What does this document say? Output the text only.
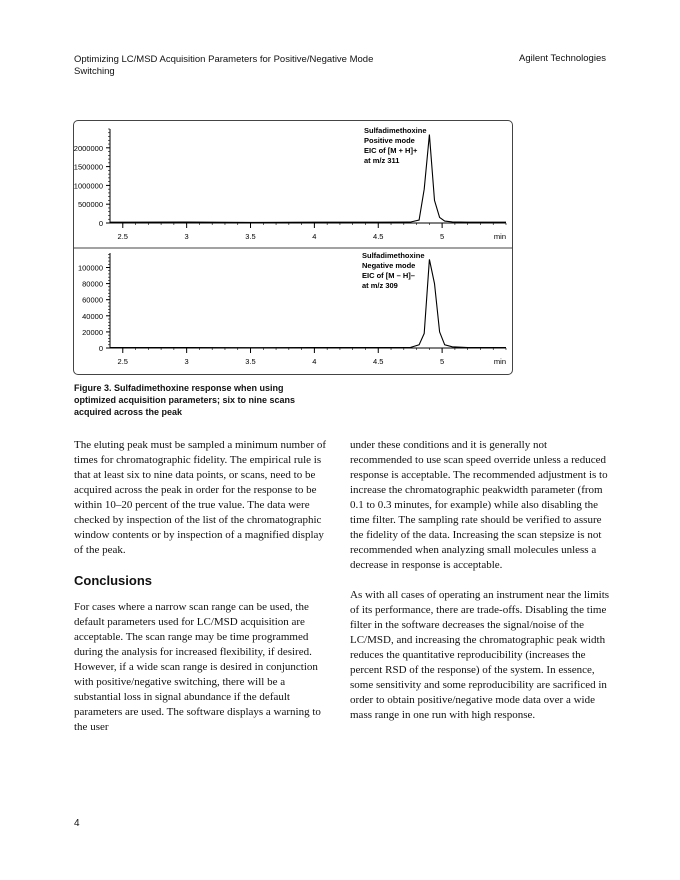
Optimizing LC/MSD Acquisition Parameters for Positive/Negative Mode Switching
Agilent Technologies
0
500000
1000000
1500000
2000000
2.5	3	3.5	4	4.5	5	min
Sulfadimethoxine
Positive mode
EIC of [M + H]+
at m/z 311
0
20000
40000
60000
80000
100000
2.5	3	3.5	4	4.5	5	min
Sulfadimethoxine
Negative mode
EIC of [M – H]–
at m/z 309
Figure 3. Sulfadimethoxine response when using optimized acquisition parameters; six to nine scans acquired across the peak

The eluting peak must be sampled a minimum number of times for chromatographic fidelity. The empirical rule is that at least six to nine data points, or scans, need to be acquired across the peak in order for the response to be within 10–20 percent of the true value. The data were checked by inspection of the list of the chromatographic window contents or by inspection of a magnified display of the peak.

Conclusions

For cases where a narrow scan range can be used, the default parameters used for LC/MSD acquisition are acceptable. The scan range may be time programmed during the analysis for increased flexibility, if desired. However, if a wide scan range is desired in conjunction with positive/negative switching, there will be a substantial loss in signal abundance if the default parameters are used. The software displays a warning to the user

under these conditions and it is generally not recommended to use scan speed override unless a reduced response is acceptable. The recommended adjustment is to increase the chromatographic peakwidth parameter (from 0.1 to 0.3 minutes, for example) while also disabling the time filter. The sampling rate should be verified to assure the fidelity of the data. Increasing the scan stepsize is not recommended when analyzing small molecules unless a decrease in response is acceptable.

As with all cases of operating an instrument near the limits of its performance, there are trade-offs. Disabling the time filter in the software decreases the signal/noise of the LC/MSD, and increasing the chromatographic peak width reduces the quantitative reproducibility (increases the percent RSD of the response) of the system. In essence, some sensitivity and some reproducibility are sacrificed in order to obtain positive/negative mode data over a wide mass range in one run with high response.

4
